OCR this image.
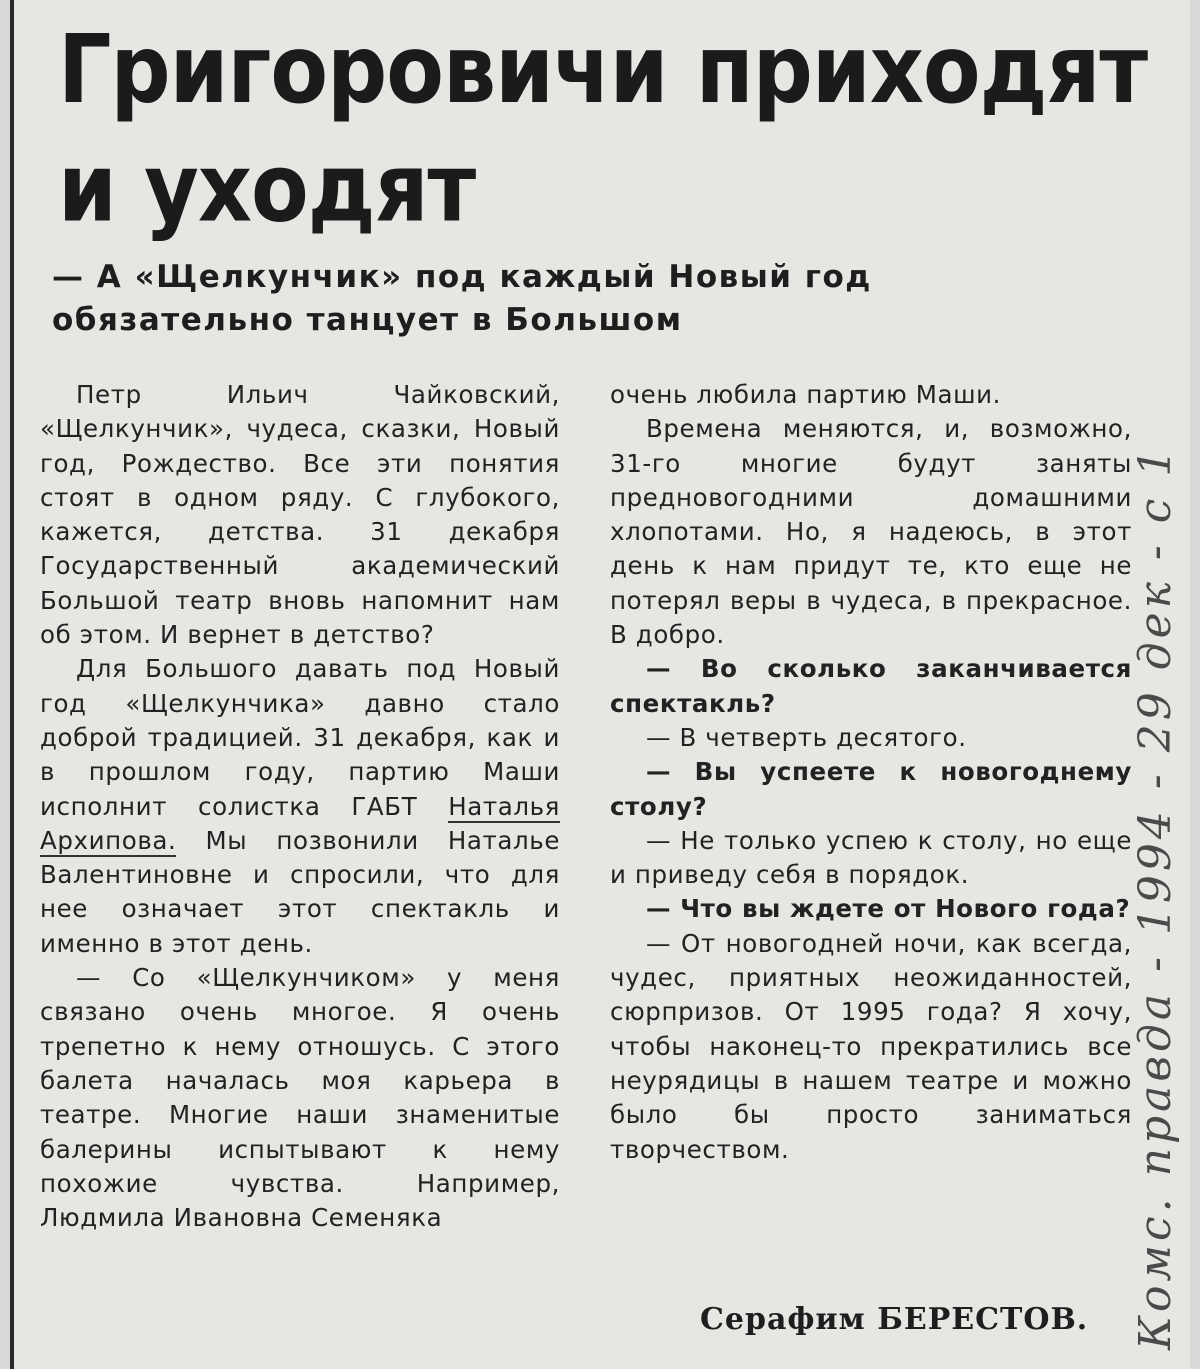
Григоровичи приходят
и уходят
— А «Щелкунчик» под каждый Новый год обязательно танцует в Большом

Петр Ильич Чайковский, «Щелкунчик», чудеса, сказки, Новый год, Рождество. Все эти понятия стоят в одном ряду. С глубокого, кажется, детства. 31 декабря Государственный академический Большой театр вновь напомнит нам об этом. И вернет в детство?

Для Большого давать под Новый год «Щелкунчика» давно стало доброй традицией. 31 декабря, как и в прошлом году, партию Маши исполнит солистка ГАБТ Наталья Архипова. Мы позвонили Наталье Валентиновне и спросили, что для нее означает этот спектакль и именно в этот день.

— Со «Щелкунчиком» у меня связано очень многое. Я очень трепетно к нему отношусь. С этого балета началась моя карьера в театре. Многие наши знаменитые балерины испытывают к нему похожие чувства. Например, Людмила Ивановна Семеняка

очень любила партию Маши.

Времена меняются, и, возможно, 31-го многие будут заняты предновогодними домашними хлопотами. Но, я надеюсь, в этот день к нам придут те, кто еще не потерял веры в чудеса, в прекрасное. В добро.

— Во сколько заканчивается спектакль?

— В четверть десятого.

— Вы успеете к новогоднему столу?

— Не только успею к столу, но еще и приведу себя в порядок.

— Что вы ждете от Нового года?

— От новогодней ночи, как всегда, чудес, приятных неожиданностей, сюрпризов. От 1995 года? Я хочу, чтобы наконец-то прекратились все неурядицы в нашем театре и можно было бы просто заниматься творчеством.

Серафим БЕРЕСТОВ. Комс. правда - 1994 - 29 дек - с 1
